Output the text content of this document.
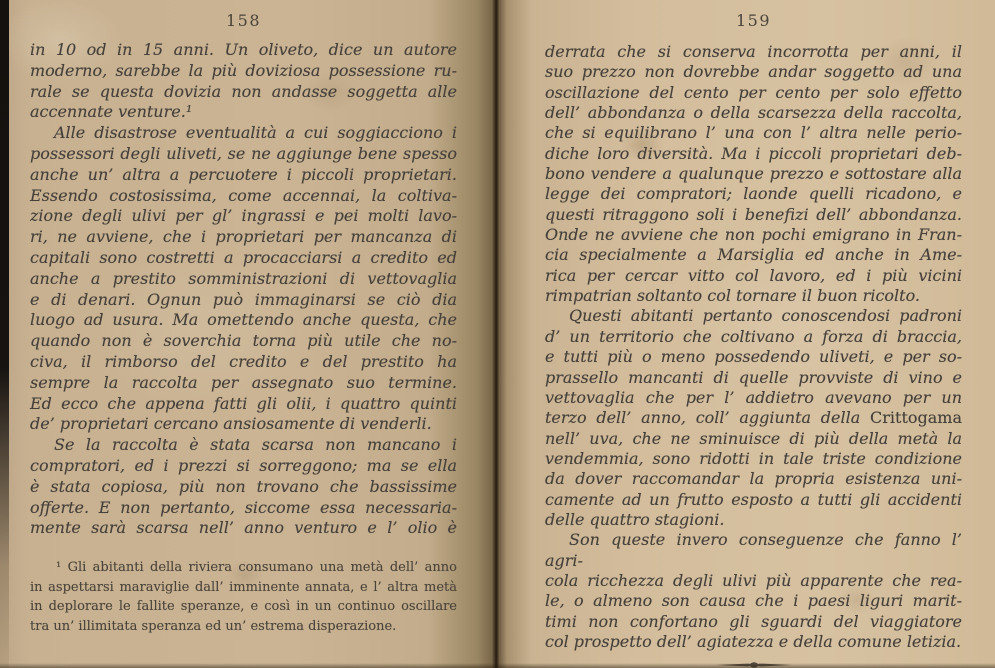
158
in 10 od in 15 anni. Un oliveto, dice un autore
moderno, sarebbe la più doviziosa possessione ru-
rale se questa dovizia non andasse soggetta alle
accennate venture.¹
Alle disastrose eventualità a cui soggiacciono i
possessori degli uliveti, se ne aggiunge bene spesso
anche un’ altra a percuotere i piccoli proprietari.
Essendo costosissima, come accennai, la coltiva-
zione degli ulivi per gl’ ingrassi e pei molti lavo-
ri, ne avviene, che i proprietari per mancanza di
capitali sono costretti a procacciarsi a credito ed
anche a prestito somministrazioni di vettovaglia
e di denari. Ognun può immaginarsi se ciò dia
luogo ad usura. Ma omettendo anche questa, che
quando non è soverchia torna più utile che no-
civa, il rimborso del credito e del prestito ha
sempre la raccolta per assegnato suo termine.
Ed ecco che appena fatti gli olii, i quattro quinti
de’ proprietari cercano ansiosamente di venderli.
Se la raccolta è stata scarsa non mancano i
compratori, ed i prezzi si sorreggono; ma se ella
è stata copiosa, più non trovano che bassissime
offerte. E non pertanto, siccome essa necessaria-
mente sarà scarsa nell’ anno venturo e l’ olio è
¹ Gli abitanti della riviera consumano una metà dell’ anno
in aspettarsi maraviglie dall’ imminente annata, e l’ altra metà
in deplorare le fallite speranze, e così in un continuo oscillare
tra un’ illimitata speranza ed un’ estrema disperazione.
159
derrata che si conserva incorrotta per anni, il
suo prezzo non dovrebbe andar soggetto ad una
oscillazione del cento per cento per solo effetto
dell’ abbondanza o della scarsezza della raccolta,
che si equilibrano l’ una con l’ altra nelle perio-
diche loro diversità. Ma i piccoli proprietari deb-
bono vendere a qualunque prezzo e sottostare alla
legge dei compratori; laonde quelli ricadono, e
questi ritraggono soli i benefizi dell’ abbondanza.
Onde ne avviene che non pochi emigrano in Fran-
cia specialmente a Marsiglia ed anche in Ame-
rica per cercar vitto col lavoro, ed i più vicini
rimpatrian soltanto col tornare il buon ricolto.
Questi abitanti pertanto conoscendosi padroni
d’ un territorio che coltivano a forza di braccia,
e tutti più o meno possedendo uliveti, e per so-
prassello mancanti di quelle provviste di vino e
vettovaglia che per l’ addietro avevano per un
terzo dell’ anno, coll’ aggiunta della Crittogama
nell’ uva, che ne sminuisce di più della metà la
vendemmia, sono ridotti in tale triste condizione
da dover raccomandar la propria esistenza uni-
camente ad un frutto esposto a tutti gli accidenti
delle quattro stagioni.
Son queste invero conseguenze che fanno l’ agri-
cola ricchezza degli ulivi più apparente che rea-
le, o almeno son causa che i paesi liguri marit-
timi non confortano gli sguardi del viaggiatore
col prospetto dell’ agiatezza e della comune letizia.
